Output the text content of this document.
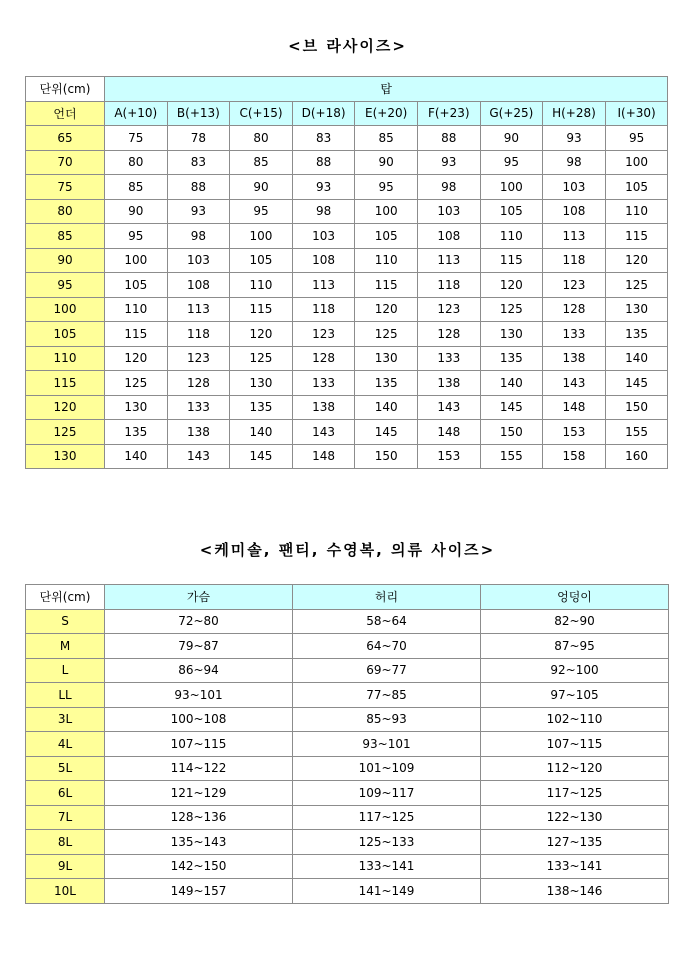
<브 라사이즈>
단위(cm)	탑								
언더	A(+10)	B(+13)	C(+15)	D(+18)	E(+20)	F(+23)	G(+25)	H(+28)	I(+30)
65	75	78	80	83	85	88	90	93	95
70	80	83	85	88	90	93	95	98	100
75	85	88	90	93	95	98	100	103	105
80	90	93	95	98	100	103	105	108	110
85	95	98	100	103	105	108	110	113	115
90	100	103	105	108	110	113	115	118	120
95	105	108	110	113	115	118	120	123	125
100	110	113	115	118	120	123	125	128	130
105	115	118	120	123	125	128	130	133	135
110	120	123	125	128	130	133	135	138	140
115	125	128	130	133	135	138	140	143	145
120	130	133	135	138	140	143	145	148	150
125	135	138	140	143	145	148	150	153	155
130	140	143	145	148	150	153	155	158	160
<케미솔, 팬티, 수영복, 의류 사이즈>
단위(cm)	가슴	허리	엉덩이
S	72~80	58~64	82~90
M	79~87	64~70	87~95
L	86~94	69~77	92~100
LL	93~101	77~85	97~105
3L	100~108	85~93	102~110
4L	107~115	93~101	107~115
5L	114~122	101~109	112~120
6L	121~129	109~117	117~125
7L	128~136	117~125	122~130
8L	135~143	125~133	127~135
9L	142~150	133~141	133~141
10L	149~157	141~149	138~146
